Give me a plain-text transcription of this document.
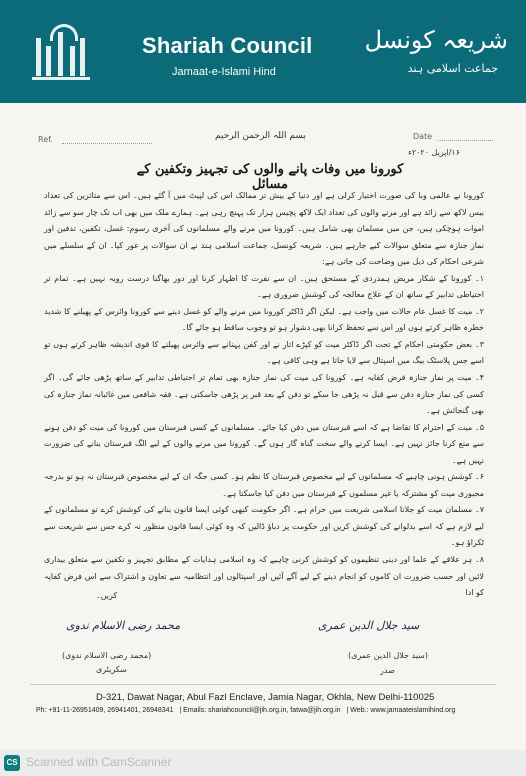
Shariah Council
Jamaat-e-Islami Hind
شریعہ کونسل
جماعت اسلامی ہند
Ref.	بسم اللہ الرحمن الرحیم	Date
۱۶/اپریل ۲۰۲۰ء
کورونا میں وفات پانے والوں کی تجہیز وتکفین کے مسائل

کورونا نے عالمی وبا کی صورت اختیار کرلی ہے اور دنیا کے بیش تر ممالک اس کی لپیٹ میں آ گئے ہیں۔ اس سے متاثرین کی تعداد بیس لاکھ سے زائد ہے اور مرنے والوں کی تعداد ایک لاکھ پچیس ہزار تک پہنچ رہی ہے۔ ہمارے ملک میں بھی اب تک چار سو سے زائد اموات ہوچکی ہیں، جن میں مسلمان بھی شامل ہیں۔ کورونا میں مرنے والے مسلمانوں کی آخری رسوم: غسل، تکفین، تدفین اور نماز جنازہ سے متعلق سوالات کیے جارہے ہیں۔ شریعہ کونسل، جماعت اسلامی ہند نے ان سوالات پر غور کیا۔ ان کے سلسلے میں شرعی احکام کی ذیل میں وضاحت کی جاتی ہے:

۱۔ کورونا کے شکار مریض ہمدردی کے مستحق ہیں۔ ان سے نفرت کا اظہار کرنا اور دور بھاگنا درست رویہ نہیں ہے۔ تمام تر احتیاطی تدابیر کے ساتھ ان کے علاج معالجہ کی کوشش ضروری ہے۔

۲۔ میت کا غسل عام حالات میں واجب ہے۔ لیکن اگر ڈاکٹر کورونا میں مرنے والے کو غسل دینے سے کورونا وائرس کے پھیلنے کا شدید خطرہ ظاہر کرتے ہوں اور اس سے تحفظ کرانا بھی دشوار ہو تو وجوب ساقط ہو جائے گا۔

۳۔ بعض حکومتی احکام کے تحت اگر ڈاکٹر میت کو کپڑے اتار نے اور کفن پہنانے سے وائرس پھیلنے کا قوی اندیشہ ظاہر کرتے ہوں تو اسے جس پلاسٹک بیگ میں اسپتال سے لایا جاتا ہے وہی کافی ہے۔

۴۔ میت پر نماز جنازہ فرض کفایہ ہے۔ کورونا کی میت کی نماز جنازہ بھی تمام تر احتیاطی تدابیر کے ساتھ پڑھی جائے گی۔ اگر کسی کی نماز جنازہ دفن سے قبل نہ پڑھی جا سکے تو دفن کے بعد قبر پر پڑھی جاسکتی ہے۔ فقہ شافعی میں غائبانہ نماز جنازہ کی بھی گنجائش ہے۔

۵۔ میت کے احترام کا تقاضا ہے کہ اسے قبرستان میں دفن کیا جائے۔ مسلمانوں کے کسی قبرستان میں کورونا کی میت کو دفن ہونے سے منع کرنا جائز نہیں ہے۔ ایسا کرنے والے سخت گناہ گار ہوں گے۔ کورونا میں مرنے والوں کے لیے الگ قبرستان بنانے کی ضرورت نہیں ہے۔

۶۔ کوشش ہونی چاہیے کہ مسلمانوں کے لیے مخصوص قبرستان کا نظم ہو۔ کسی جگہ ان کے لیے مخصوص قبرستان نہ ہو تو بدرجہ مجبوری میت کو مشترکہ یا غیر مسلموں کے قبرستان میں دفن کیا جاسکتا ہے۔

۷۔ مسلمان میت کو جلانا اسلامی شریعت میں حرام ہے۔ اگر حکومت کبھی کوئی ایسا قانون بنانے کی کوشش کرے تو مسلمانوں کے لیے لازم ہے کہ اسے بدلوانے کی کوشش کریں اور حکومت پر دباؤ ڈالیں کہ وہ کوئی ایسا قانون منظور نہ کرے جس سے شریعت سے ٹکراؤ ہو۔

۸۔ ہر علاقے کے علما اور دینی تنظیموں کو کوشش کرنی چاہیے کہ وہ اسلامی ہدایات کے مطابق تجہیز و تکفین سے متعلق بیداری لائیں اور حسب ضرورت ان کاموں کو انجام دینے کے لیے آگے آئیں اور اسپتالوں اور انتظامیہ سے تعاون و اشتراک سے اس فرض کفایہ کو ادا

کریں۔
محمد رضی الاسلام ندوی	سید جلال الدین عمری
(محمد رضی الاسلام ندوی)	(سید جلال الدین عمری)
سکریٹری	صدر
D-321, Dawat Nagar, Abul Fazl Enclave, Jamia Nagar, Okhla, New Delhi-110025
Ph: +91-11-26951409, 26941401, 26948341 | Emails: shariahcouncil@jih.org.in, fatwa@jih.org.in | Web.: www.jamaateislamihind.org
CS Scanned with CamScanner
